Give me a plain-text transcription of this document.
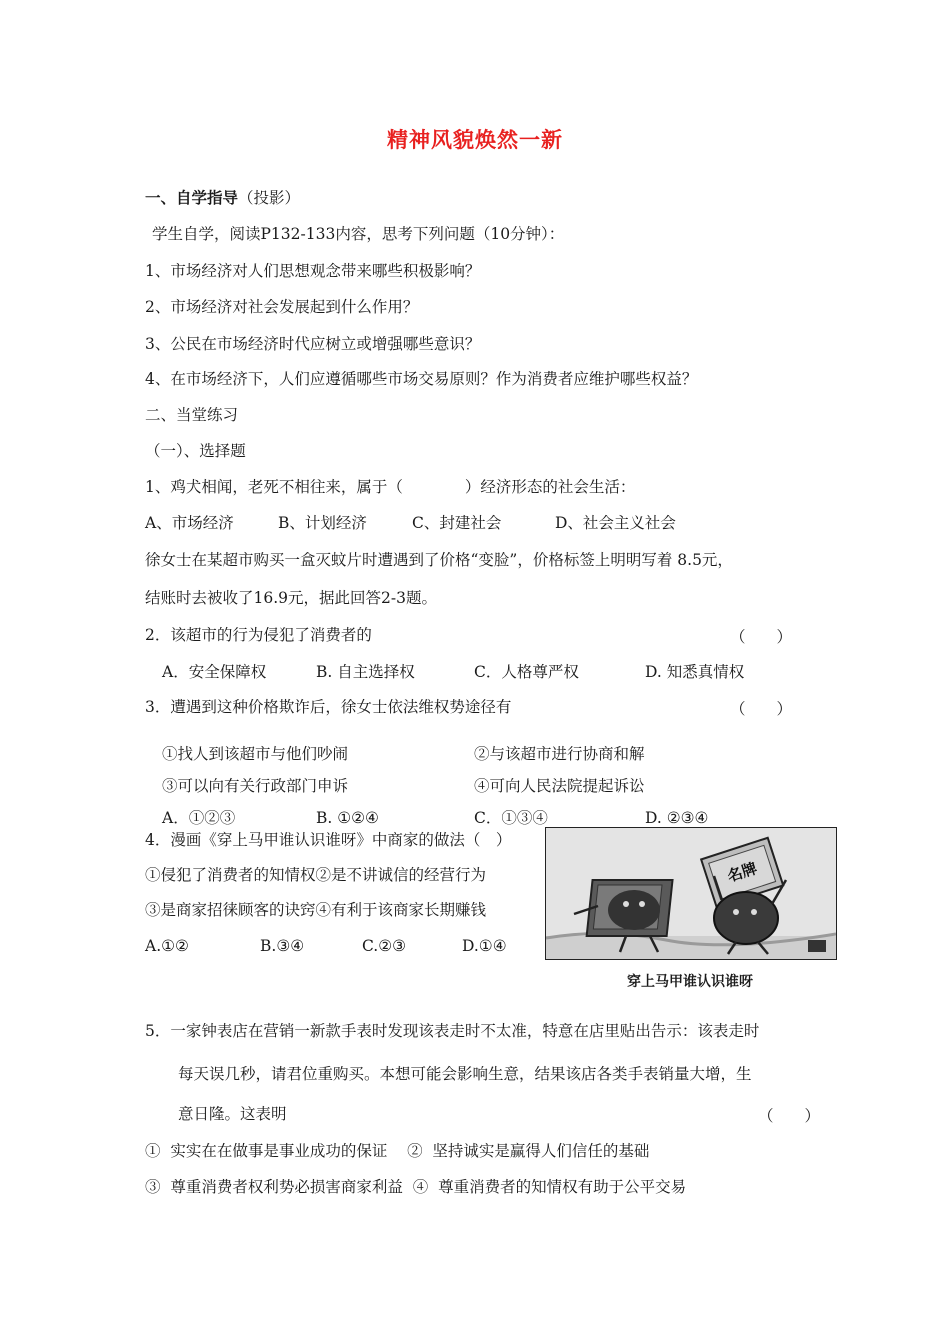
精神风貌焕然一新
一、自学指导（投影）
学生自学，阅读P132-133内容，思考下列问题（10分钟）：
1、市场经济对人们思想观念带来哪些积极影响？
2、市场经济对社会发展起到什么作用？
3、公民在市场经济时代应树立或增强哪些意识？
4、在市场经济下，人们应遵循哪些市场交易原则？作为消费者应维护哪些权益？
二、当堂练习
（一）、选择题
1、鸡犬相闻，老死不相往来，属于（　　　　）经济形态的社会生活：
A、市场经济	B、计划经济	C、封建社会	D、社会主义社会
徐女士在某超市购买一盒灭蚊片时遭遇到了价格“变脸”，价格标签上明明写着 8.5元，
结账时去被收了16.9元，据此回答2-3题。
2．该超市的行为侵犯了消费者的	（　　）
A．安全保障权	B. 自主选择权	C．人格尊严权	D. 知悉真情权
3．遭遇到这种价格欺诈后，徐女士依法维权势途径有	（　　）
①找人到该超市与他们吵闹	②与该超市进行协商和解
③可以向有关行政部门申诉	④可向人民法院提起诉讼
A．①②③	B. ①②④	C．①③④	D. ②③④
4．漫画《穿上马甲谁认识谁呀》中商家的做法（　）
①侵犯了消费者的知情权②是不讲诚信的经营行为
③是商家招徕顾客的诀窍④有利于该商家长期赚钱
A.①②	B.③④	C.②③	D.①④
名牌
穿上马甲谁认识谁呀
5．一家钟表店在营销一新款手表时发现该表走时不太准，特意在店里贴出告示：该表走时
每天误几秒，请君位重购买。本想可能会影响生意，结果该店各类手表销量大增，生
意日隆。这表明	（　　）
①  实实在在做事是事业成功的保证    ②  坚持诚实是赢得人们信任的基础
③  尊重消费者权利势必损害商家利益  ④  尊重消费者的知情权有助于公平交易
